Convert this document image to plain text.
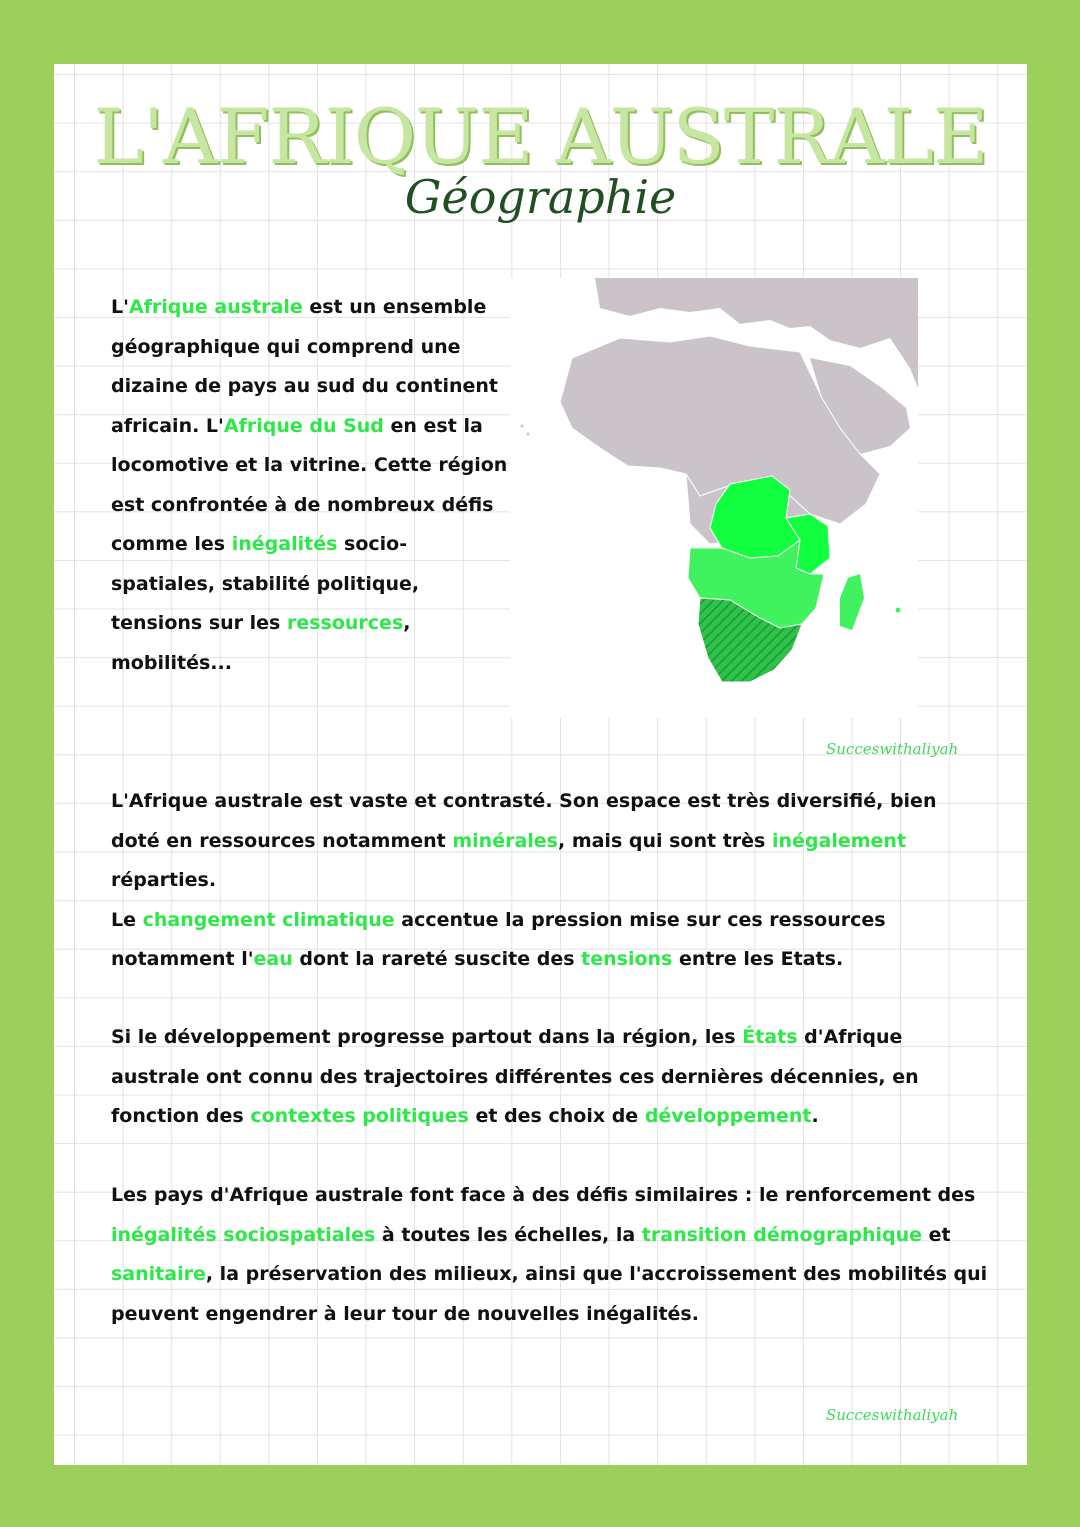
L'AFRIQUE AUSTRALE
Géographie

L'Afrique australe est un ensemble géographique qui comprend une dizaine de pays au sud du continent africain. L'Afrique du Sud en est la locomotive et la vitrine. Cette région est confrontée à de nombreux défis comme les inégalités socio-spatiales, stabilité politique, tensions sur les ressources, mobilités...

Succeswithaliyah

L'Afrique australe est vaste et contrasté. Son espace est très diversifié, bien doté en ressources notamment minérales, mais qui sont très inégalement réparties.
Le changement climatique accentue la pression mise sur ces ressources notamment l'eau dont la rareté suscite des tensions entre les Etats.

Si le développement progresse partout dans la région, les États d'Afrique australe ont connu des trajectoires différentes ces dernières décennies, en fonction des contextes politiques et des choix de développement.

Les pays d'Afrique australe font face à des défis similaires : le renforcement des inégalités sociospatiales à toutes les échelles, la transition démographique et sanitaire, la préservation des milieux, ainsi que l'accroissement des mobilités qui peuvent engendrer à leur tour de nouvelles inégalités.

Succeswithaliyah
